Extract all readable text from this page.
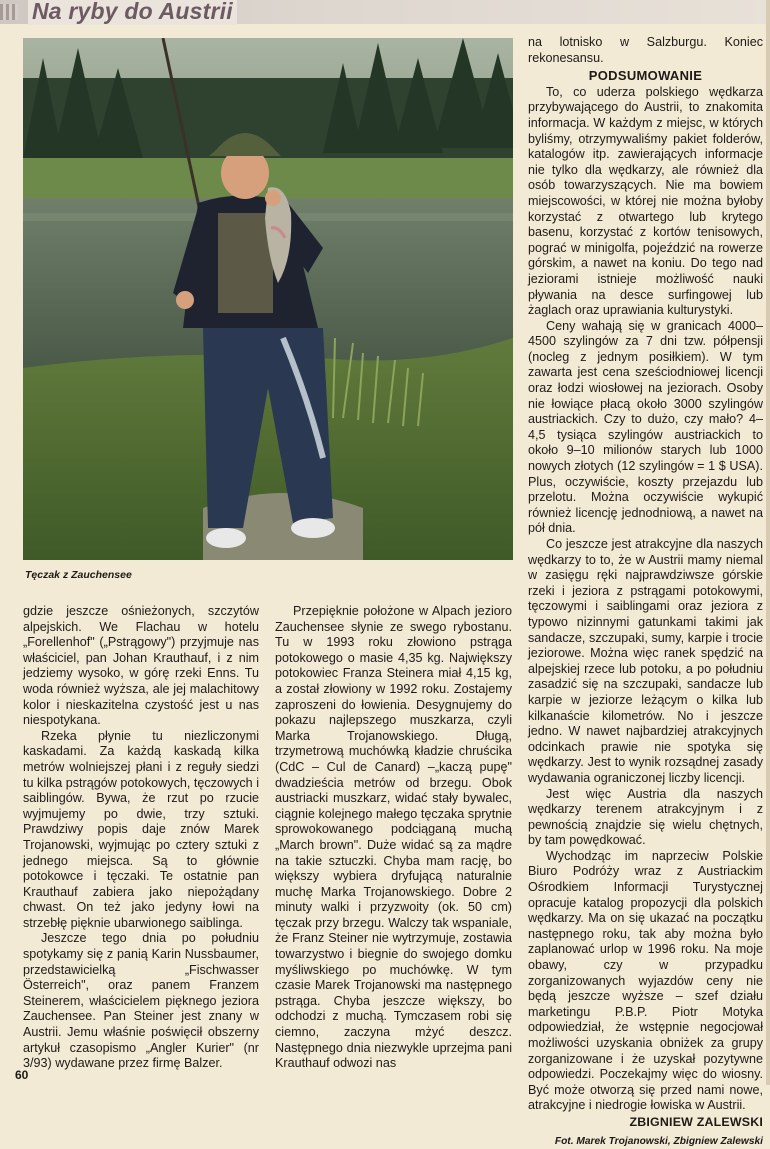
Na ryby do Austrii
Tęczak z Zauchensee

na lotnisko w Salzburgu. Koniec rekonesansu.

PODSUMOWANIE

To, co uderza polskiego wędkarza przybywającego do Austrii, to znakomita informacja. W każdym z miejsc, w których byliśmy, otrzymywaliśmy pakiet folderów, katalogów itp. zawierających informacje nie tylko dla wędkarzy, ale również dla osób towarzyszących. Nie ma bowiem miejscowości, w której nie można byłoby korzystać z otwartego lub krytego basenu, korzystać z kortów tenisowych, pograć w minigolfa, pojeździć na rowerze górskim, a nawet na koniu. Do tego nad jeziorami istnieje możliwość nauki pływania na desce surfingowej lub żaglach oraz uprawiania kulturystyki.

Ceny wahają się w granicach 4000–4500 szylingów za 7 dni tzw. półpensji (nocleg z jednym posiłkiem). W tym zawarta jest cena sześciodniowej licencji oraz łodzi wiosłowej na jeziorach. Osoby nie łowiące płacą około 3000 szylingów austriackich. Czy to dużo, czy mało? 4–4,5 tysiąca szylingów austriackich to około 9–10 milionów starych lub 1000 nowych złotych (12 szylingów = 1 $ USA). Plus, oczywiście, koszty przejazdu lub przelotu. Można oczywiście wykupić również licencję jednodniową, a nawet na pół dnia.

Co jeszcze jest atrakcyjne dla naszych wędkarzy to to, że w Austrii mamy niemal w zasięgu ręki najprawdziwsze górskie rzeki i jeziora z pstrągami potokowymi, tęczowymi i saiblingami oraz jeziora z typowo nizinnymi gatunkami takimi jak sandacze, szczupaki, sumy, karpie i trocie jeziorowe. Można więc ranek spędzić na alpejskiej rzece lub potoku, a po południu zasadzić się na szczupaki, sandacze lub karpie w jeziorze leżącym o kilka lub kilkanaście kilometrów. No i jeszcze jedno. W nawet najbardziej atrakcyjnych odcinkach prawie nie spotyka się wędkarzy. Jest to wynik rozsądnej zasady wydawania ograniczonej liczby licencji.

Jest więc Austria dla naszych wędkarzy terenem atrakcyjnym i z pewnością znajdzie się wielu chętnych, by tam powędkować.

Wychodząc im naprzeciw Polskie Biuro Podróży wraz z Austriackim Ośrodkiem Informacji Turystycznej opracuje katalog propozycji dla polskich wędkarzy. Ma on się ukazać na początku następnego roku, tak aby można było zaplanować urlop w 1996 roku. Na moje obawy, czy w przypadku zorganizowanych wyjazdów ceny nie będą jeszcze wyższe – szef działu marketingu P.B.P. Piotr Motyka odpowiedział, że wstępnie negocjował możliwości uzyskania obniżek za grupy zorganizowane i że uzyskał pozytywne odpowiedzi. Poczekajmy więc do wiosny. Być może otworzą się przed nami nowe, atrakcyjne i niedrogie łowiska w Austrii.

ZBIGNIEW ZALEWSKI
Fot. Marek Trojanowski, Zbigniew Zalewski

gdzie jeszcze ośnieżonych, szczytów alpejskich. We Flachau w hotelu „Forellenhof" („Pstrągowy") przyjmuje nas właściciel, pan Johan Krauthauf, i z nim jedziemy wysoko, w górę rzeki Enns. Tu woda również wyższa, ale jej malachitowy kolor i nieskazitelna czystość jest u nas niespotykana.

Rzeka płynie tu niezliczonymi kaskadami. Za każdą kaskadą kilka metrów wolniejszej płani i z reguły siedzi tu kilka pstrągów potokowych, tęczowych i saiblingów. Bywa, że rzut po rzucie wyjmujemy po dwie, trzy sztuki. Prawdziwy popis daje znów Marek Trojanowski, wyjmując po cztery sztuki z jednego miejsca. Są to głównie potokowce i tęczaki. Te ostatnie pan Krauthauf zabiera jako niepożądany chwast. On też jako jedyny łowi na strzebłę pięknie ubarwionego saiblinga.

Jeszcze tego dnia po południu spotykamy się z panią Karin Nussbaumer, przedstawicielką „Fischwasser Österreich", oraz panem Franzem Steinerem, właścicielem pięknego jeziora Zauchensee. Pan Steiner jest znany w Austrii. Jemu właśnie poświęcił obszerny artykuł czasopismo „Angler Kurier" (nr 3/93) wydawane przez firmę Balzer.

Przepięknie położone w Alpach jezioro Zauchensee słynie ze swego rybostanu. Tu w 1993 roku złowiono pstrąga potokowego o masie 4,35 kg. Największy potokowiec Franza Steinera miał 4,15 kg, a został złowiony w 1992 roku. Zostajemy zaproszeni do łowienia. Desygnujemy do pokazu najlepszego muszkarza, czyli Marka Trojanowskiego. Długą, trzymetrową muchówką kładzie chruścika (CdC – Cul de Canard) –„kaczą pupę" dwadzieścia metrów od brzegu. Obok austriacki muszkarz, widać stały bywalec, ciągnie kolejnego małego tęczaka sprytnie sprowokowanego podciąganą muchą „March brown". Duże widać są za mądre na takie sztuczki. Chyba mam rację, bo większy wybiera dryfującą naturalnie muchę Marka Trojanowskiego. Dobre 2 minuty walki i przyzwoity (ok. 50 cm) tęczak przy brzegu. Walczy tak wspaniale, że Franz Steiner nie wytrzymuje, zostawia towarzystwo i biegnie do swojego domku myśliwskiego po muchówkę. W tym czasie Marek Trojanowski ma następnego pstrąga. Chyba jeszcze większy, bo odchodzi z muchą. Tymczasem robi się ciemno, zaczyna mżyć deszcz. Następnego dnia niezwykle uprzejma pani Krauthauf odwozi nas

60
